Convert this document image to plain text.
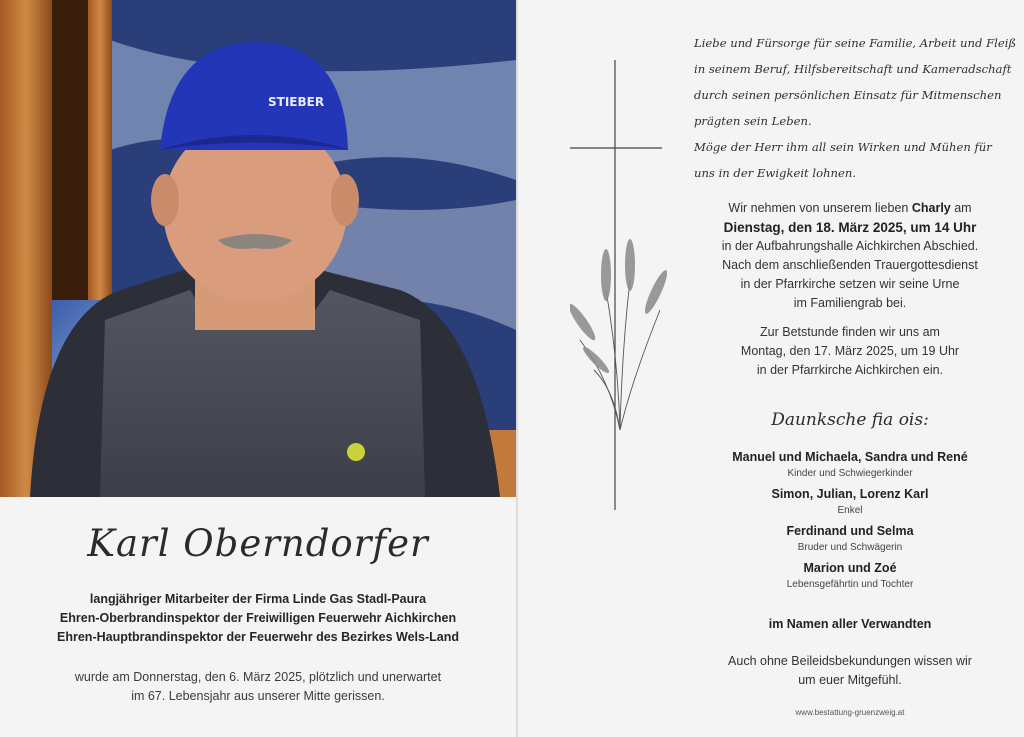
STIEBER
Karl Oberndorfer
langjähriger Mitarbeiter der Firma Linde Gas Stadl-Paura
Ehren-Oberbrandinspektor der Freiwilligen Feuerwehr Aichkirchen
Ehren-Hauptbrandinspektor der Feuerwehr des Bezirkes Wels-Land
wurde am Donnerstag, den 6. März 2025, plötzlich und unerwartet
im 67. Lebensjahr aus unserer Mitte gerissen.
Liebe und Fürsorge für seine Familie, Arbeit und Fleiß
in seinem Beruf, Hilfsbereitschaft und Kameradschaft
durch seinen persönlichen Einsatz für Mitmenschen
prägten sein Leben.
Möge der Herr ihm all sein Wirken und Mühen für
uns in der Ewigkeit lohnen.
Wir nehmen von unserem lieben Charly am
Dienstag, den 18. März 2025, um 14 Uhr
in der Aufbahrungshalle Aichkirchen Abschied.
Nach dem anschließenden Trauergottesdienst
in der Pfarrkirche setzen wir seine Urne
im Familiengrab bei.
Zur Betstunde finden wir uns am
Montag, den 17. März 2025, um 19 Uhr
in der Pfarrkirche Aichkirchen ein.
Daunksche fia ois:
Manuel und Michaela, Sandra und René
Kinder und Schwiegerkinder
Simon, Julian, Lorenz Karl
Enkel
Ferdinand und Selma
Bruder und Schwägerin
Marion und Zoé
Lebensgefährtin und Tochter
im Namen aller Verwandten
Auch ohne Beileidsbekundungen wissen wir
um euer Mitgefühl.
www.bestattung-gruenzweig.at
